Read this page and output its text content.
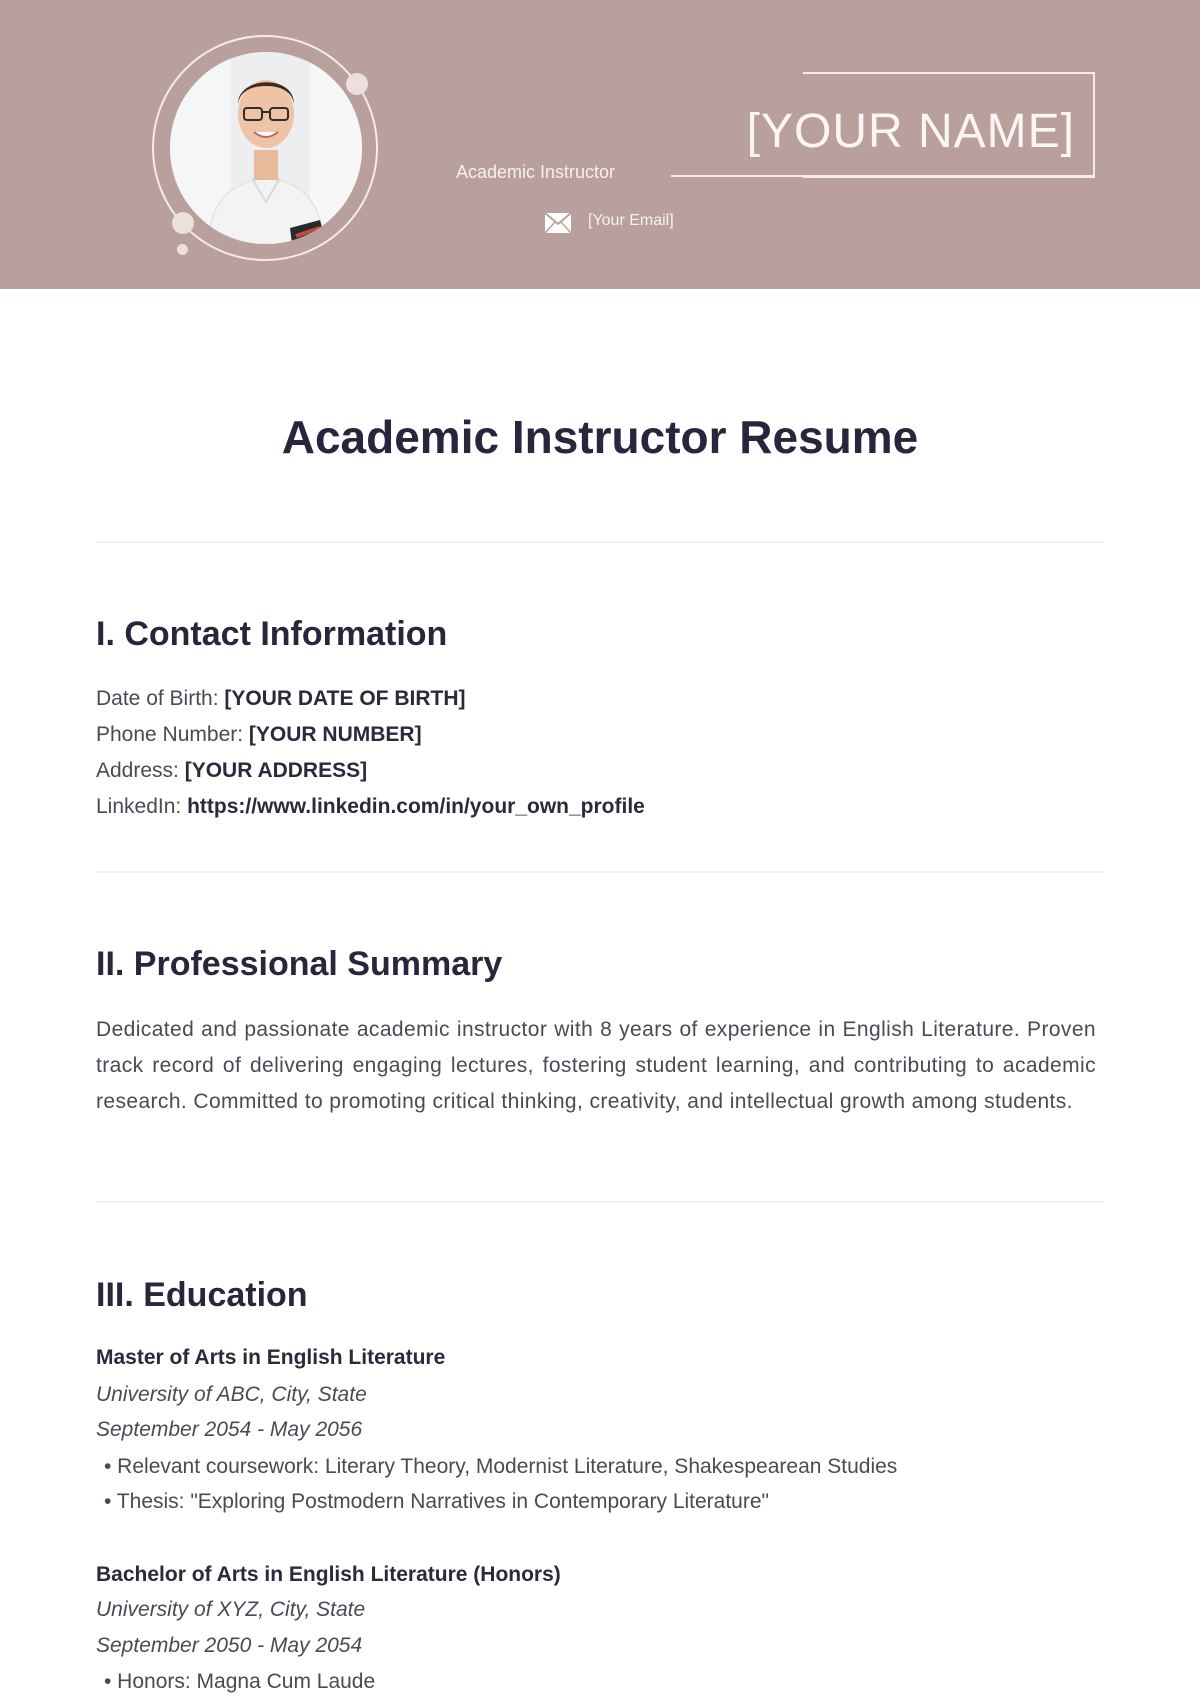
[YOUR NAME]
Academic Instructor
[Your Email]
Academic Instructor Resume
I. Contact Information
Date of Birth: [YOUR DATE OF BIRTH]
Phone Number: [YOUR NUMBER]
Address: [YOUR ADDRESS]
LinkedIn: https://www.linkedin.com/in/your_own_profile
II. Professional Summary
Dedicated and passionate academic instructor with 8 years of experience in English Literature. Proven track record of delivering engaging lectures, fostering student learning, and contributing to academic research. Committed to promoting critical thinking, creativity, and intellectual growth among students.
III. Education
Master of Arts in English Literature
University of ABC, City, State
September 2054 - May 2056
• Relevant coursework: Literary Theory, Modernist Literature, Shakespearean Studies
• Thesis: "Exploring Postmodern Narratives in Contemporary Literature"
Bachelor of Arts in English Literature (Honors)
University of XYZ, City, State
September 2050 - May 2054
• Honors: Magna Cum Laude
